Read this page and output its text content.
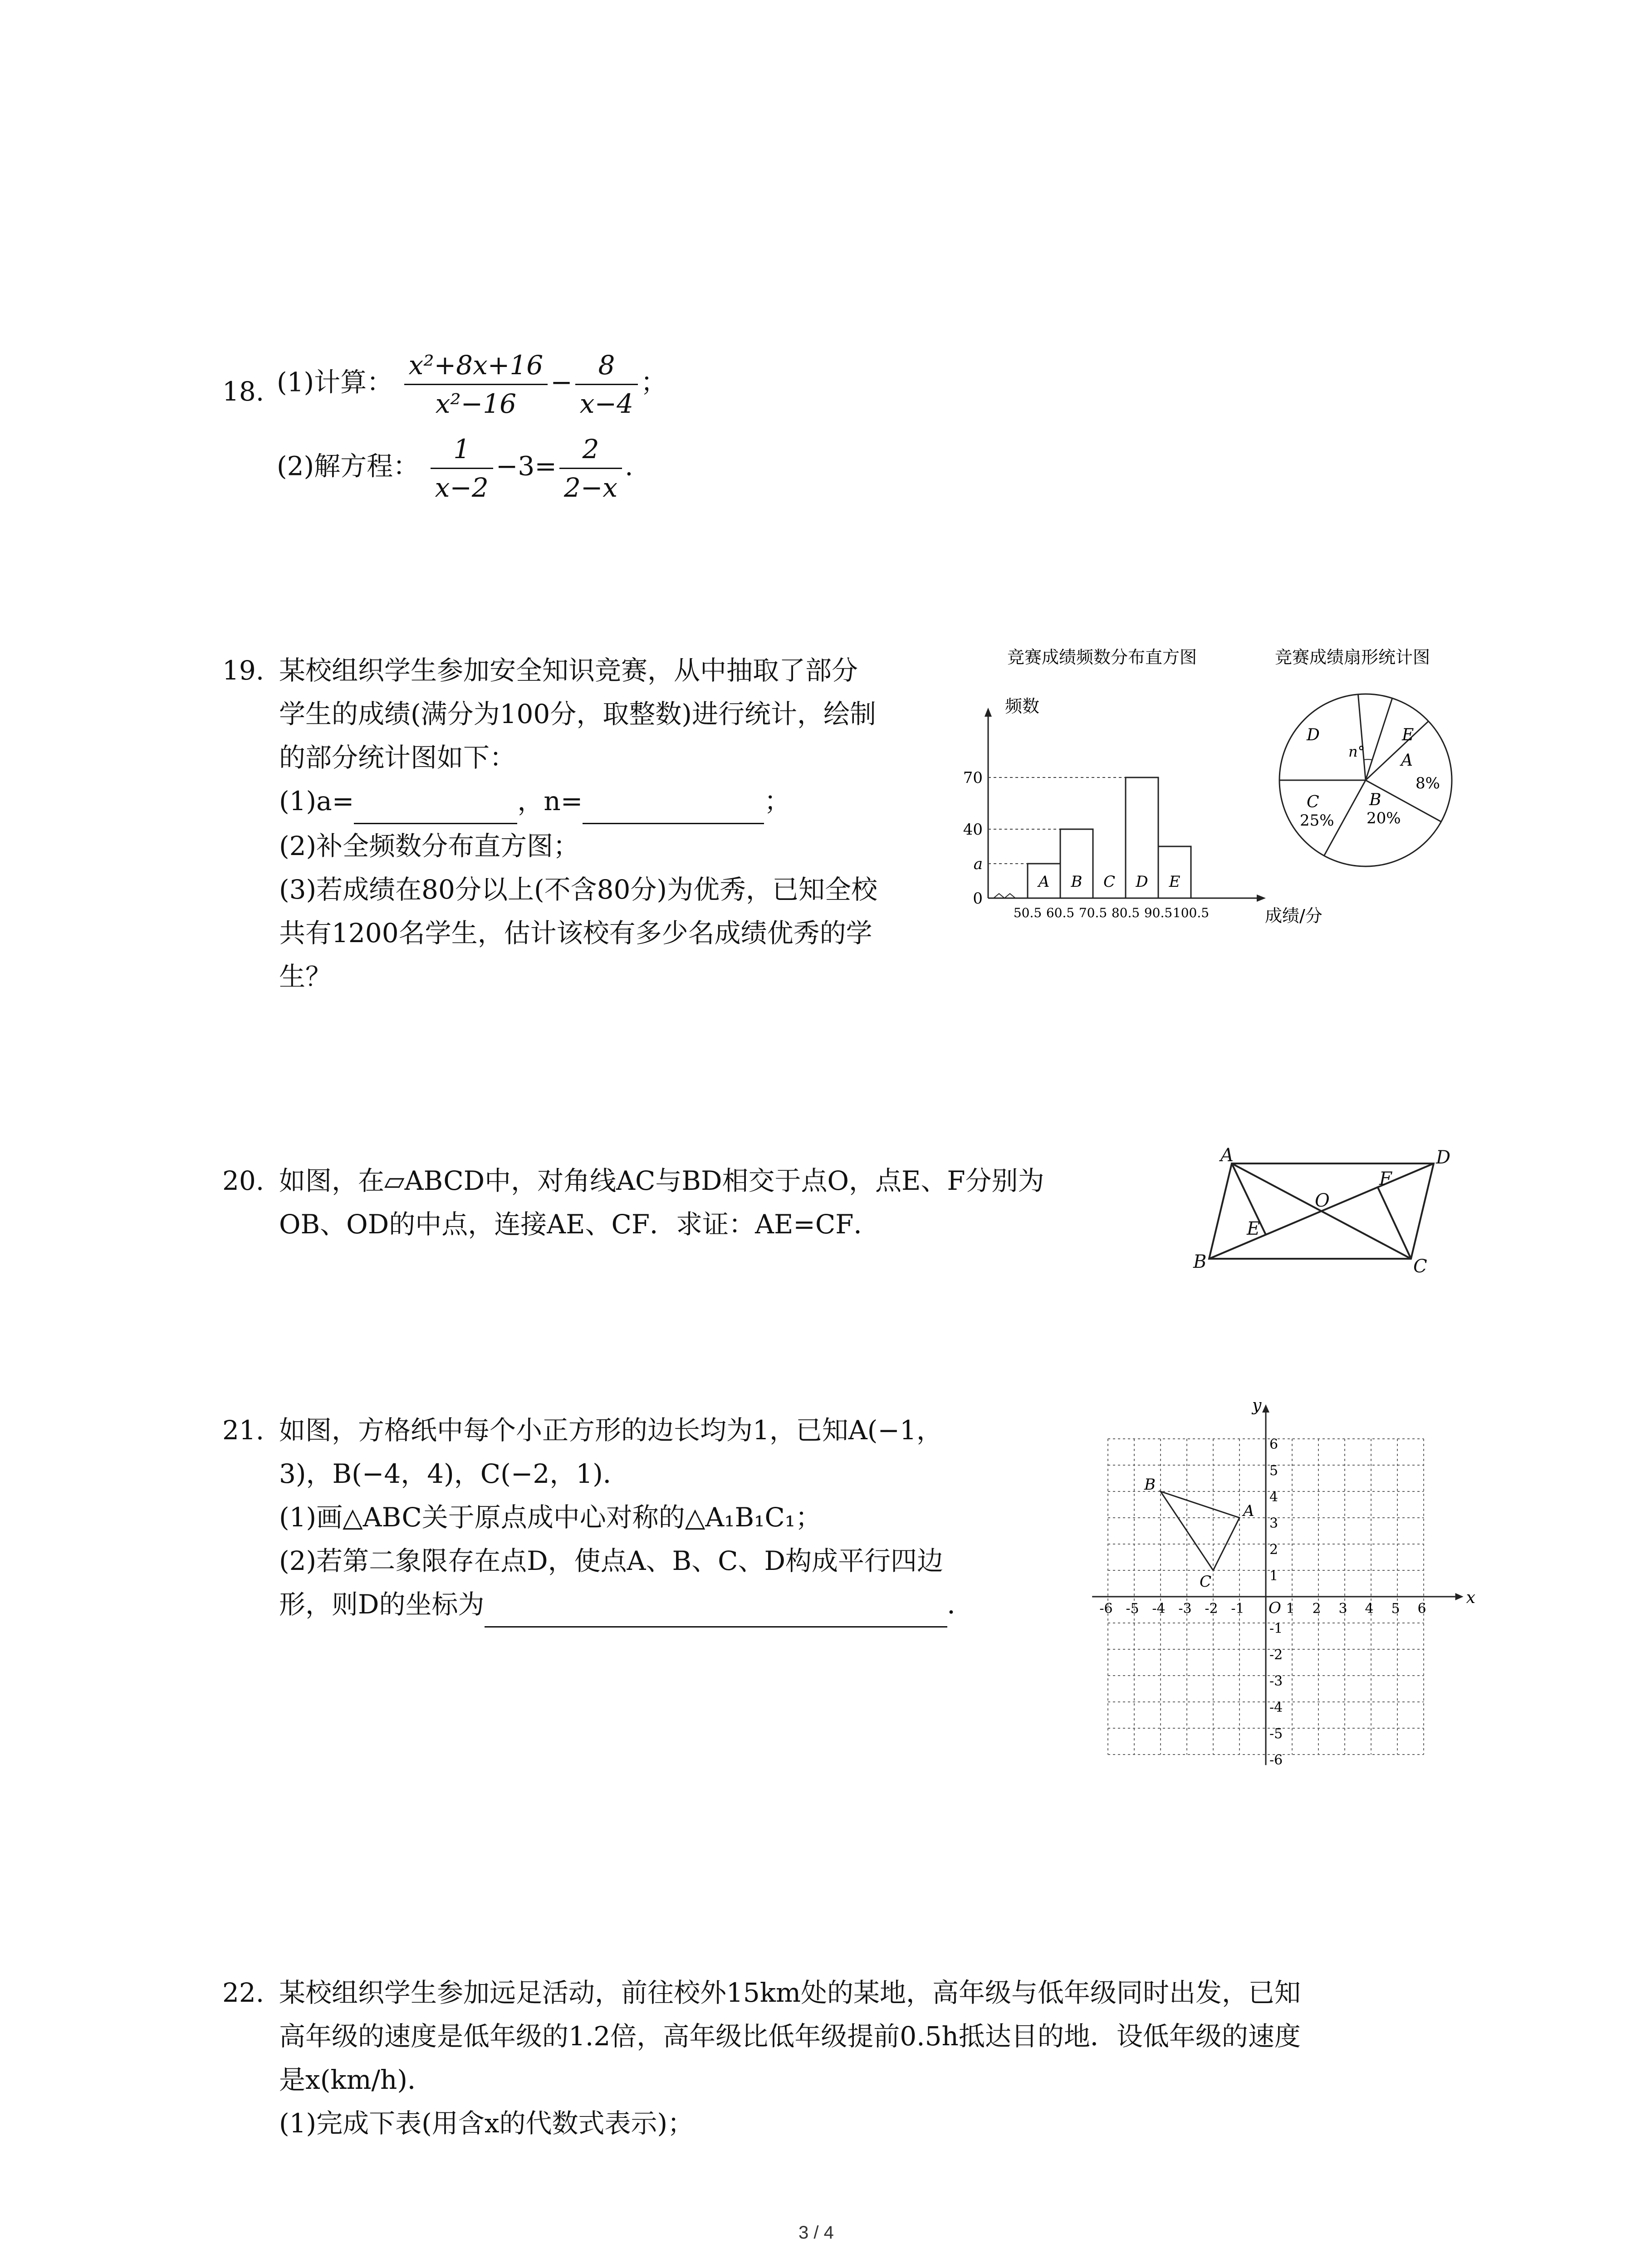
18. (1)计算： $\frac{\text{x²+8x+16}}{\text{x²−16}} - \frac{8}{x-4}$ ；
(2)解方程： $\frac{1}{x-2} -3= \frac{2}{2-x}$ .
19. 某校组织学生参加安全知识竞赛，从中抽取了部分
学生的成绩(满分为100分，取整数)进行统计，绘制
的部分统计图如下：
(1)a=	，n=	；
(2)补全频数分布直方图；
(3)若成绩在80分以上(不含80分)为优秀，已知全校
共有1200名学生，估计该校有多少名成绩优秀的学
生？
竞赛成绩频数分布直方图
频数
成绩/分
0
a
40
70
50.5 60.5 70.5 80.5 90.5 100.5
A B C D E
竞赛成绩扇形统计图
n° A
8%
B
20%
C
25%
D	E
20. 如图，在▱ABCD中，对角线AC与BD相交于点O，点E、F分别为
OB、OD的中点，连接AE、CF．求证：AE=CF．
A
B	C
D
O
E
F
21. 如图，方格纸中每个小正方形的边长均为1，已知A(−1，
3)，B(−4，4)，C(−2，1)．
(1)画△ABC关于原点成中心对称的△A₁B₁C₁；
(2)若第二象限存在点D，使点A、B、C、D构成平行四边
形，则D的坐标为	．	x
y
O
-6 -5 -4 -3 -2 -1	1 2 3 4 5 6
6
5
4
3
2
1
-1
-2
-3
-4
-5
-6
A
B
C
22. 某校组织学生参加远足活动，前往校外15km处的某地，高年级与低年级同时出发，已知
高年级的速度是低年级的1.2倍，高年级比低年级提前0.5h抵达目的地．设低年级的速度
是x(km/h)．
(1)完成下表(用含x的代数式表示)；
3 / 4
